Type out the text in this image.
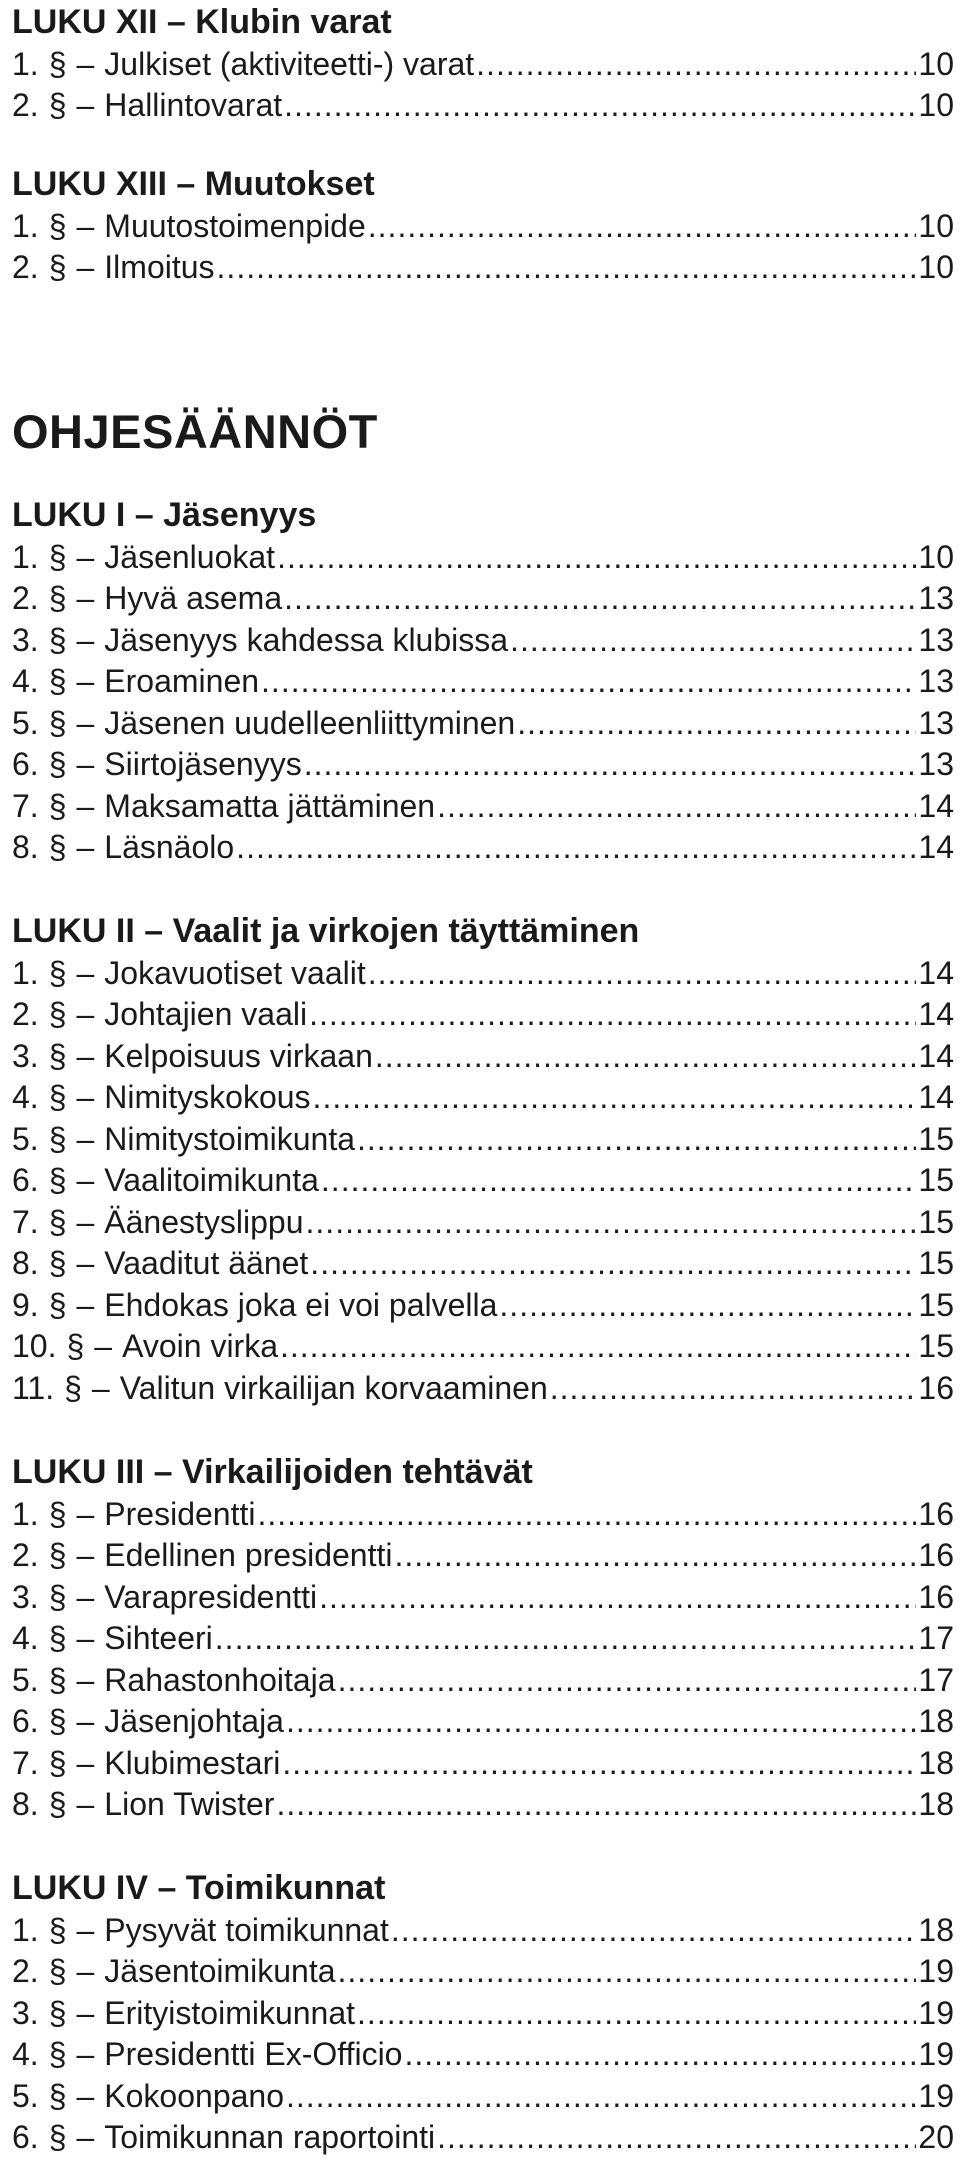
LUKU XII – Klubin varat
1. § – Julkiset (aktiviteetti-) varat .....	10
2. § – Hallintovarat .....	10
LUKU XIII – Muutokset
1. § – Muutostoimenpide .....	10
2. § – Ilmoitus .....	10
OHJESÄÄNNÖT
LUKU I – Jäsenyys
1. § – Jäsenluokat .....	10
2. § – Hyvä asema .....	13
3. § – Jäsenyys kahdessa klubissa .....	13
4. § – Eroaminen .....	13
5. § – Jäsenen uudelleenliittyminen .....	13
6. § – Siirtojäsenyys .....	13
7. § – Maksamatta jättäminen .....	14
8. § – Läsnäolo .....	14
LUKU II – Vaalit ja virkojen täyttäminen
1. § – Jokavuotiset vaalit .....	14
2. § – Johtajien vaali .....	14
3. § – Kelpoisuus virkaan .....	14
4. § – Nimityskokous .....	14
5. § – Nimitystoimikunta .....	15
6. § – Vaalitoimikunta .....	15
7. § – Äänestyslippu .....	15
8. § – Vaaditut äänet .....	15
9. § – Ehdokas joka ei voi palvella .....	15
10. § – Avoin virka .....	15
11. § – Valitun virkailijan korvaaminen .....	16
LUKU III – Virkailijoiden tehtävät
1. § – Presidentti .....	16
2. § – Edellinen presidentti .....	16
3. § – Varapresidentti .....	16
4. § – Sihteeri .....	17
5. § – Rahastonhoitaja .....	17
6. § – Jäsenjohtaja .....	18
7. § – Klubimestari .....	18
8. § – Lion Twister .....	18
LUKU IV – Toimikunnat
1. § – Pysyvät toimikunnat .....	18
2. § – Jäsentoimikunta .....	19
3. § – Erityistoimikunnat .....	19
4. § – Presidentti Ex-Officio .....	19
5. § – Kokoonpano .....	19
6. § – Toimikunnan raportointi .....	20
